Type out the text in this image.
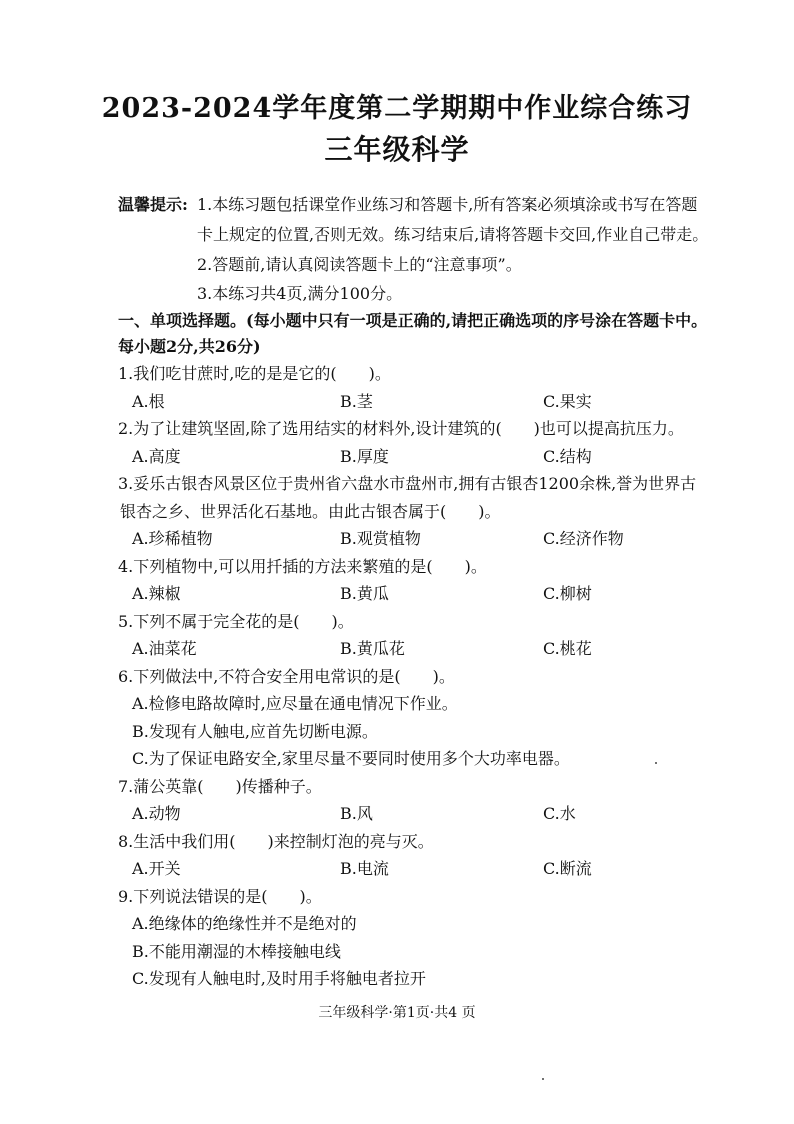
2023-2024学年度第二学期期中作业综合练习
三年级科学
温馨提示: 1.本练习题包括课堂作业练习和答题卡,所有答案必须填涂或书写在答题
卡上规定的位置,否则无效。练习结束后,请将答题卡交回,作业自己带走。
2.答题前,请认真阅读答题卡上的“注意事项”。
3.本练习共4页,满分100分。
一、单项选择题。(每小题中只有一项是正确的,请把正确选项的序号涂在答题卡中。
每小题2分,共26分)
1.我们吃甘蔗时,吃的是是它的(　　)。
A.根	B.茎	C.果实
2.为了让建筑坚固,除了选用结实的材料外,设计建筑的(　　)也可以提高抗压力。
A.高度	B.厚度	C.结构
3.妥乐古银杏风景区位于贵州省六盘水市盘州市,拥有古银杏1200余株,誉为世界古
银杏之乡、世界活化石基地。由此古银杏属于(　　)。
A.珍稀植物	B.观赏植物	C.经济作物
4.下列植物中,可以用扦插的方法来繁殖的是(　　)。
A.辣椒	B.黄瓜	C.柳树
5.下列不属于完全花的是(　　)。
A.油菜花	B.黄瓜花	C.桃花
6.下列做法中,不符合安全用电常识的是(　　)。
A.检修电路故障时,应尽量在通电情况下作业。
B.发现有人触电,应首先切断电源。
C.为了保证电路安全,家里尽量不要同时使用多个大功率电器。
7.蒲公英靠(　　)传播种子。
A.动物	B.风	C.水
8.生活中我们用(　　)来控制灯泡的亮与灭。
A.开关	B.电流	C.断流
9.下列说法错误的是(　　)。
A.绝缘体的绝缘性并不是绝对的
B.不能用潮湿的木棒接触电线
C.发现有人触电时,及时用手将触电者拉开
三年级科学·第1页·共4 页
